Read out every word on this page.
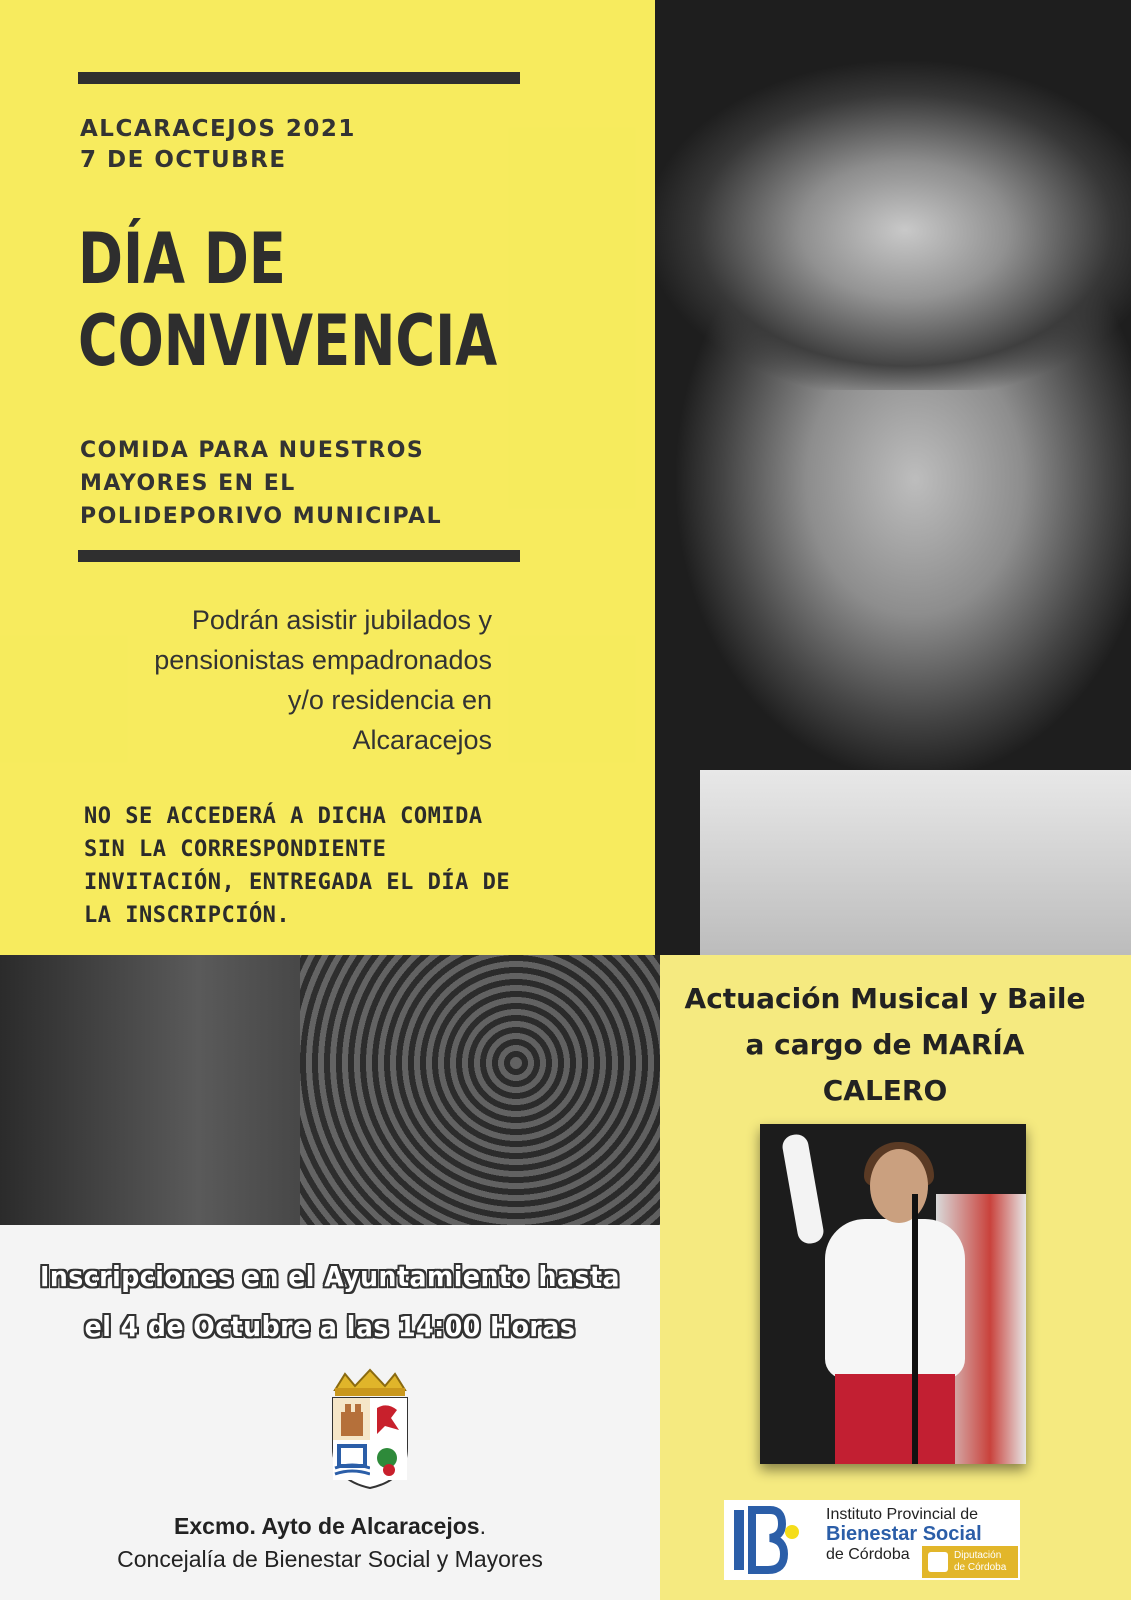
ALCARACEJOS 2021
7 DE OCTUBRE
DÍA DE
CONVIVENCIA
COMIDA PARA NUESTROS
MAYORES EN EL
POLIDEPORIVO MUNICIPAL
Podrán asistir jubilados y
pensionistas empadronados
y/o residencia en
Alcaracejos
NO SE ACCEDERÁ A DICHA COMIDA
SIN LA CORRESPONDIENTE
INVITACIÓN, ENTREGADA EL DÍA DE
LA INSCRIPCIÓN.
Actuación Musical y Baile
a cargo de MARÍA
CALERO
Inscripciones en el Ayuntamiento hasta
el 4 de Octubre a las 14:00 Horas
Excmo. Ayto de Alcaracejos.
Concejalía de Bienestar Social y Mayores
Instituto Provincial de
Bienestar Social
de Córdoba	Diputación
de Córdoba
